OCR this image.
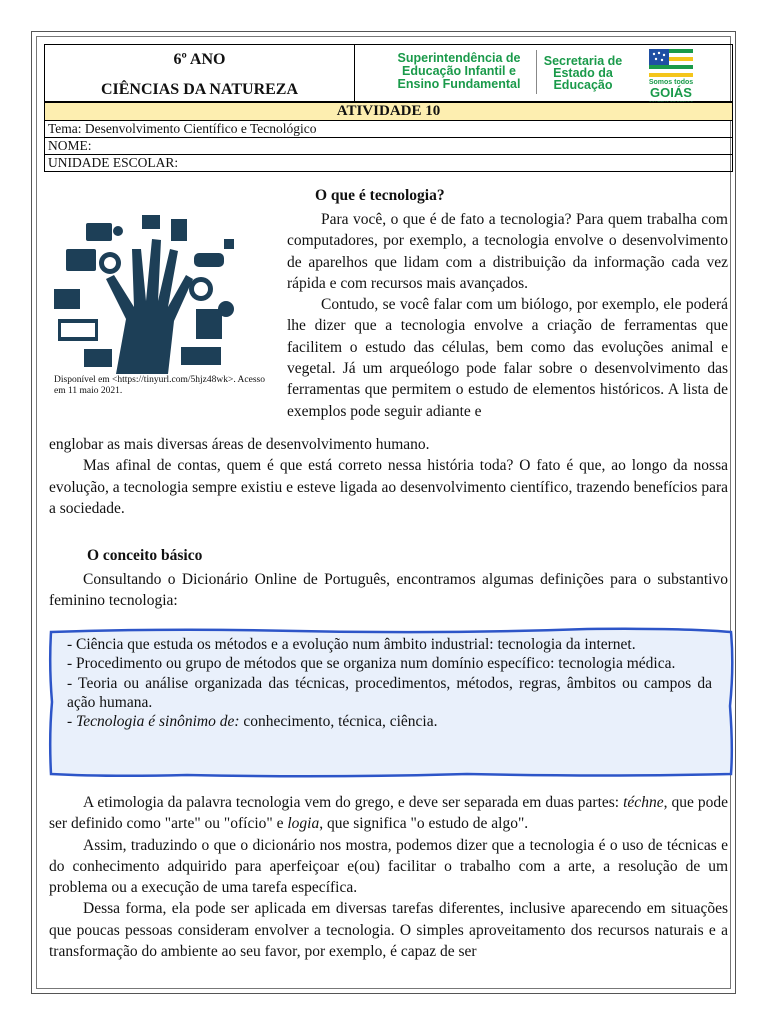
6º ANO
CIÊNCIAS DA NATUREZA
Superintendência de
Educação Infantil e
Ensino Fundamental
Secretaria de
Estado da
Educação	Somos todos
GOIÁS
ATIVIDADE 10
Tema: Desenvolvimento Científico e Tecnológico
NOME:
UNIDADE ESCOLAR:
O que é tecnologia?
Disponível em <https://tinyurl.com/5hjz48wk>. Acesso em 11 maio 2021.

Para você, o que é de fato a tecnologia? Para quem trabalha com computadores, por exemplo, a tecnologia envolve o desenvolvimento de aparelhos que lidam com a distribuição da informação cada vez rápida e com recursos mais avançados.

Contudo, se você falar com um biólogo, por exemplo, ele poderá lhe dizer que a tecnologia envolve a criação de ferramentas que facilitem o estudo das células, bem como das evoluções animal e vegetal. Já um arqueólogo pode falar sobre o desenvolvimento das ferramentas que permitem o estudo de elementos históricos. A lista de exemplos pode seguir adiante e

englobar as mais diversas áreas de desenvolvimento humano.

Mas afinal de contas, quem é que está correto nessa história toda? O fato é que, ao longo da nossa evolução, a tecnologia sempre existiu e esteve ligada ao desenvolvimento científico, trazendo benefícios para a sociedade.

O conceito básico

Consultando o Dicionário Online de Português, encontramos algumas definições para o substantivo feminino tecnologia:

- Ciência que estuda os métodos e a evolução num âmbito industrial: tecnologia da internet.

- Procedimento ou grupo de métodos que se organiza num domínio específico: tecnologia médica.

- Teoria ou análise organizada das técnicas, procedimentos, métodos, regras, âmbitos ou campos da ação humana.

- Tecnologia é sinônimo de: conhecimento, técnica, ciência.

A etimologia da palavra tecnologia vem do grego, e deve ser separada em duas partes: téchne, que pode ser definido como "arte" ou "ofício" e logia, que significa "o estudo de algo".

Assim, traduzindo o que o dicionário nos mostra, podemos dizer que a tecnologia é o uso de técnicas e do conhecimento adquirido para aperfeiçoar e(ou) facilitar o trabalho com a arte, a resolução de um problema ou a execução de uma tarefa específica.

Dessa forma, ela pode ser aplicada em diversas tarefas diferentes, inclusive aparecendo em situações que poucas pessoas consideram envolver a tecnologia. O simples aproveitamento dos recursos naturais e a transformação do ambiente ao seu favor, por exemplo, é capaz de ser
